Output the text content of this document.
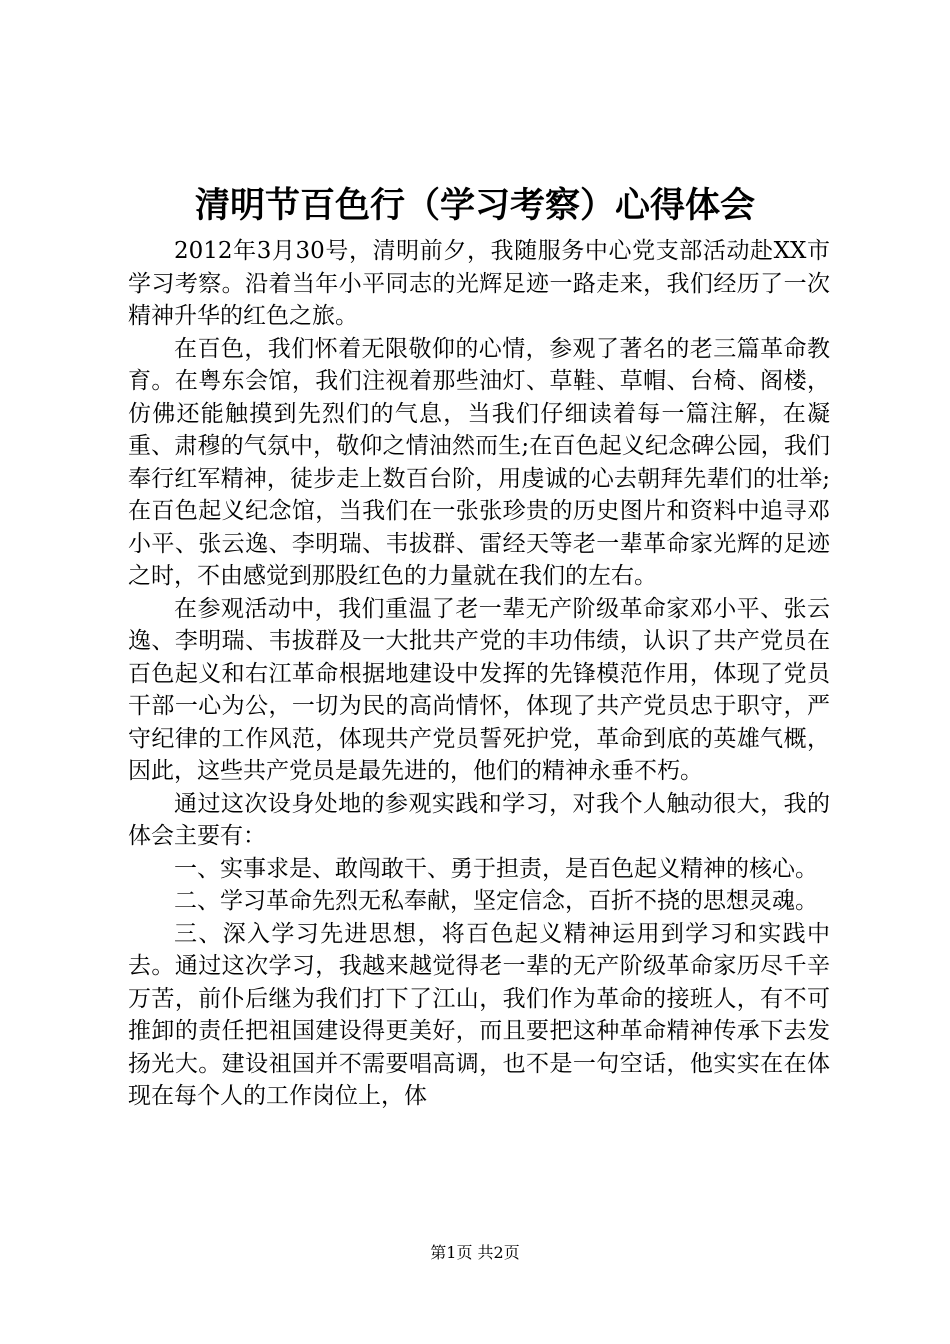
清明节百色行（学习考察）心得体会

2012年3月30号，清明前夕，我随服务中心党支部活动赴XX市学习考察。沿着当年小平同志的光辉足迹一路走来，我们经历了一次精神升华的红色之旅。

在百色，我们怀着无限敬仰的心情，参观了著名的老三篇革命教育。在粤东会馆，我们注视着那些油灯、草鞋、草帽、台椅、阁楼，仿佛还能触摸到先烈们的气息，当我们仔细读着每一篇注解，在凝重、肃穆的气氛中，敬仰之情油然而生;在百色起义纪念碑公园，我们奉行红军精神，徒步走上数百台阶，用虔诚的心去朝拜先辈们的壮举;在百色起义纪念馆，当我们在一张张珍贵的历史图片和资料中追寻邓小平、张云逸、李明瑞、韦拔群、雷经天等老一辈革命家光辉的足迹之时，不由感觉到那股红色的力量就在我们的左右。

在参观活动中，我们重温了老一辈无产阶级革命家邓小平、张云逸、李明瑞、韦拔群及一大批共产党的丰功伟绩，认识了共产党员在百色起义和右江革命根据地建设中发挥的先锋模范作用，体现了党员干部一心为公，一切为民的高尚情怀，体现了共产党员忠于职守，严守纪律的工作风范，体现共产党员誓死护党，革命到底的英雄气概，因此，这些共产党员是最先进的，他们的精神永垂不朽。

通过这次设身处地的参观实践和学习，对我个人触动很大，我的体会主要有：

一、实事求是、敢闯敢干、勇于担责，是百色起义精神的核心。

二、学习革命先烈无私奉献，坚定信念，百折不挠的思想灵魂。

三、深入学习先进思想，将百色起义精神运用到学习和实践中去。通过这次学习，我越来越觉得老一辈的无产阶级革命家历尽千辛万苦，前仆后继为我们打下了江山，我们作为革命的接班人，有不可推卸的责任把祖国建设得更美好，而且要把这种革命精神传承下去发扬光大。建设祖国并不需要唱高调，也不是一句空话，他实实在在体现在每个人的工作岗位上，体

第1页 共2页
